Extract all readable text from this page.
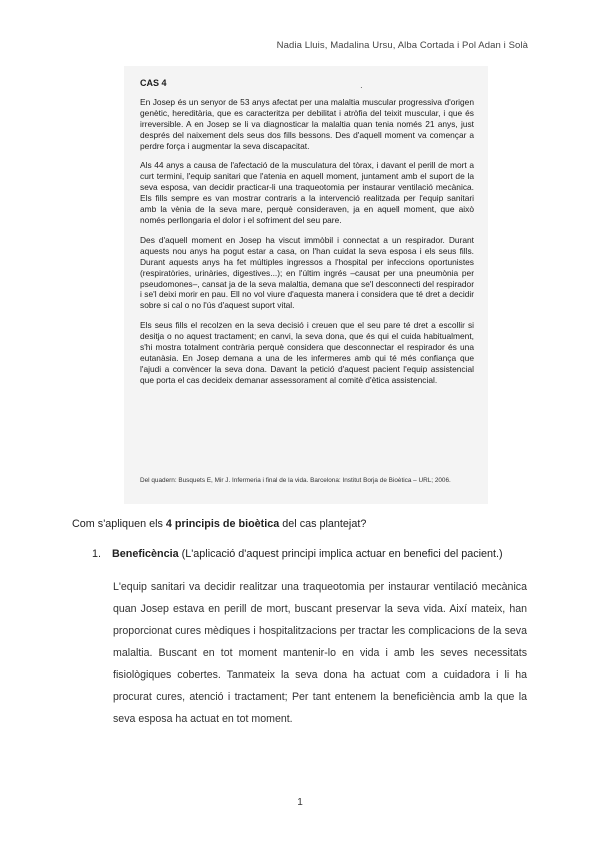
Nadia Lluis, Madalina Ursu, Alba Cortada i Pol Adan i Solà
·
CAS 4

En Josep és un senyor de 53 anys afectat per una malaltia muscular progressiva d'origen genètic, hereditària, que es caracteritza per debilitat i atròfia del teixit muscular, i que és irreversible. A en Josep se li va diagnosticar la malaltia quan tenia només 21 anys, just després del naixement dels seus dos fills bessons. Des d'aquell moment va començar a perdre força i augmentar la seva discapacitat.

Als 44 anys a causa de l'afectació de la musculatura del tòrax, i davant el perill de mort a curt termini, l'equip sanitari que l'atenia en aquell moment, juntament amb el suport de la seva esposa, van decidir practicar-li una traqueotomia per instaurar ventilació mecànica. Els fills sempre es van mostrar contraris a la intervenció realitzada per l'equip sanitari amb la vènia de la seva mare, perquè consideraven, ja en aquell moment, que això només perllongaria el dolor i el sofriment del seu pare.

Des d'aquell moment en Josep ha viscut immòbil i connectat a un respirador. Durant aquests nou anys ha pogut estar a casa, on l'han cuidat la seva esposa i els seus fills. Durant aquests anys ha fet múltiples ingressos a l'hospital per infeccions oportunistes (respiratòries, urinàries, digestives...); en l'últim ingrés –causat per una pneumònia per pseudomones–, cansat ja de la seva malaltia, demana que se'l desconnecti del respirador i se'l deixi morir en pau. Ell no vol viure d'aquesta manera i considera que té dret a decidir sobre si cal o no l'ús d'aquest suport vital.

Els seus fills el recolzen en la seva decisió i creuen que el seu pare té dret a escollir si desitja o no aquest tractament; en canvi, la seva dona, que és qui el cuida habitualment, s'hi mostra totalment contrària perquè considera que desconnectar el respirador és una eutanàsia. En Josep demana a una de les infermeres amb qui té més confiança que l'ajudi a convèncer la seva dona. Davant la petició d'aquest pacient l'equip assistencial que porta el cas decideix demanar assessorament al comitè d'ètica assistencial.

Del quadern: Busquets E, Mir J. Infermeria i final de la vida. Barcelona: Institut Borja de Bioètica – URL; 2006.
Com s'apliquen els 4 principis de bioètica del cas plantejat?
1. Beneficència (L'aplicació d'aquest principi implica actuar en benefici del pacient.)
L'equip sanitari va decidir realitzar una traqueotomia per instaurar ventilació mecànica quan Josep estava en perill de mort, buscant preservar la seva vida. Així mateix, han proporcionat cures mèdiques i hospitalitzacions per tractar les complicacions de la seva malaltia. Buscant en tot moment mantenir-lo en vida i amb les seves necessitats fisiològiques cobertes. Tanmateix la seva dona ha actuat com a cuidadora i li ha procurat cures, atenció i tractament; Per tant entenem la beneficiència amb la que la seva esposa ha actuat en tot moment.
1
